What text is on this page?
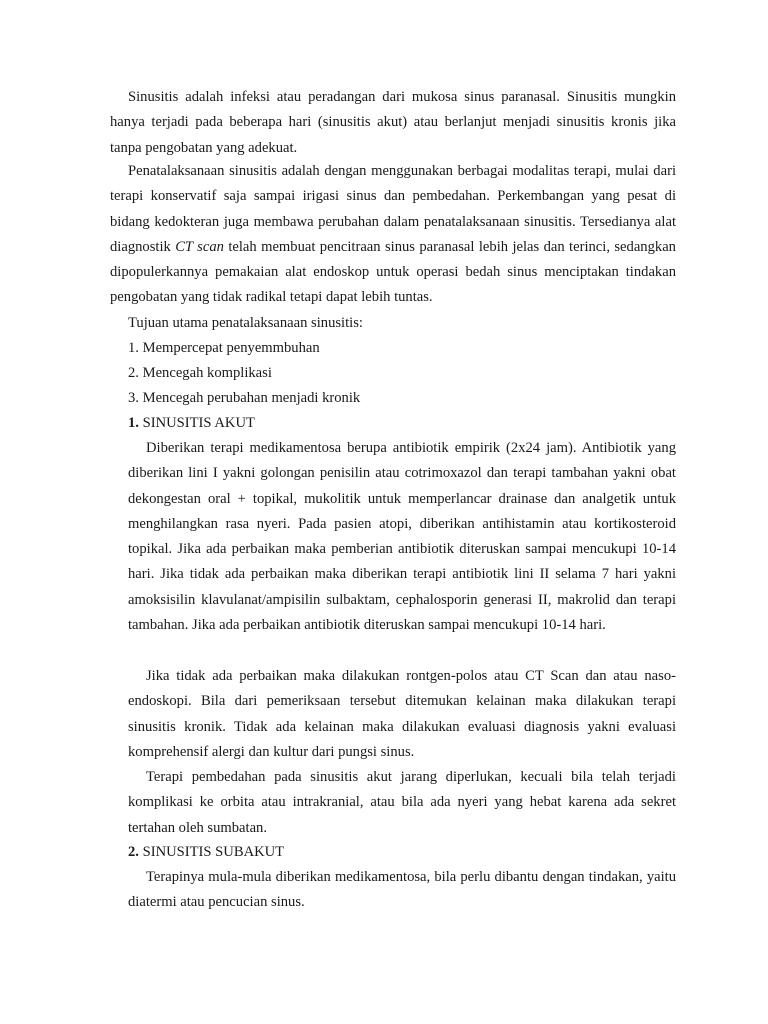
Sinusitis adalah infeksi atau peradangan dari mukosa sinus paranasal. Sinusitis mungkin hanya terjadi pada beberapa hari (sinusitis akut) atau berlanjut menjadi sinusitis kronis jika tanpa pengobatan yang adekuat.

Penatalaksanaan sinusitis adalah dengan menggunakan berbagai modalitas terapi, mulai dari terapi konservatif saja sampai irigasi sinus dan pembedahan. Perkembangan yang pesat di bidang kedokteran juga membawa perubahan dalam penatalaksanaan sinusitis. Tersedianya alat diagnostik CT scan telah membuat pencitraan sinus paranasal lebih jelas dan terinci, sedangkan dipopulerkannya pemakaian alat endoskop untuk operasi bedah sinus menciptakan tindakan pengobatan yang tidak radikal tetapi dapat lebih tuntas.

Tujuan utama penatalaksanaan sinusitis:

1. Mempercepat penyemmbuhan
2. Mencegah komplikasi
3. Mencegah perubahan menjadi kronik
1. SINUSITIS AKUT

Diberikan terapi medikamentosa berupa antibiotik empirik (2x24 jam). Antibiotik yang diberikan lini I yakni golongan penisilin atau cotrimoxazol dan terapi tambahan yakni obat dekongestan oral + topikal, mukolitik untuk memperlancar drainase dan analgetik untuk menghilangkan rasa nyeri. Pada pasien atopi, diberikan antihistamin atau kortikosteroid topikal. Jika ada perbaikan maka pemberian antibiotik diteruskan sampai mencukupi 10-14 hari. Jika tidak ada perbaikan maka diberikan terapi antibiotik lini II selama 7 hari yakni amoksisilin klavulanat/ampisilin sulbaktam, cephalosporin generasi II, makrolid dan terapi tambahan. Jika ada perbaikan antibiotik diteruskan sampai mencukupi 10-14 hari.

Jika tidak ada perbaikan maka dilakukan rontgen-polos atau CT Scan dan atau naso-endoskopi. Bila dari pemeriksaan tersebut ditemukan kelainan maka dilakukan terapi sinusitis kronik. Tidak ada kelainan maka dilakukan evaluasi diagnosis yakni evaluasi komprehensif alergi dan kultur dari pungsi sinus.

Terapi pembedahan pada sinusitis akut jarang diperlukan, kecuali bila telah terjadi komplikasi ke orbita atau intrakranial, atau bila ada nyeri yang hebat karena ada sekret tertahan oleh sumbatan.

2. SINUSITIS SUBAKUT

Terapinya mula-mula diberikan medikamentosa, bila perlu dibantu dengan tindakan, yaitu diatermi atau pencucian sinus.
